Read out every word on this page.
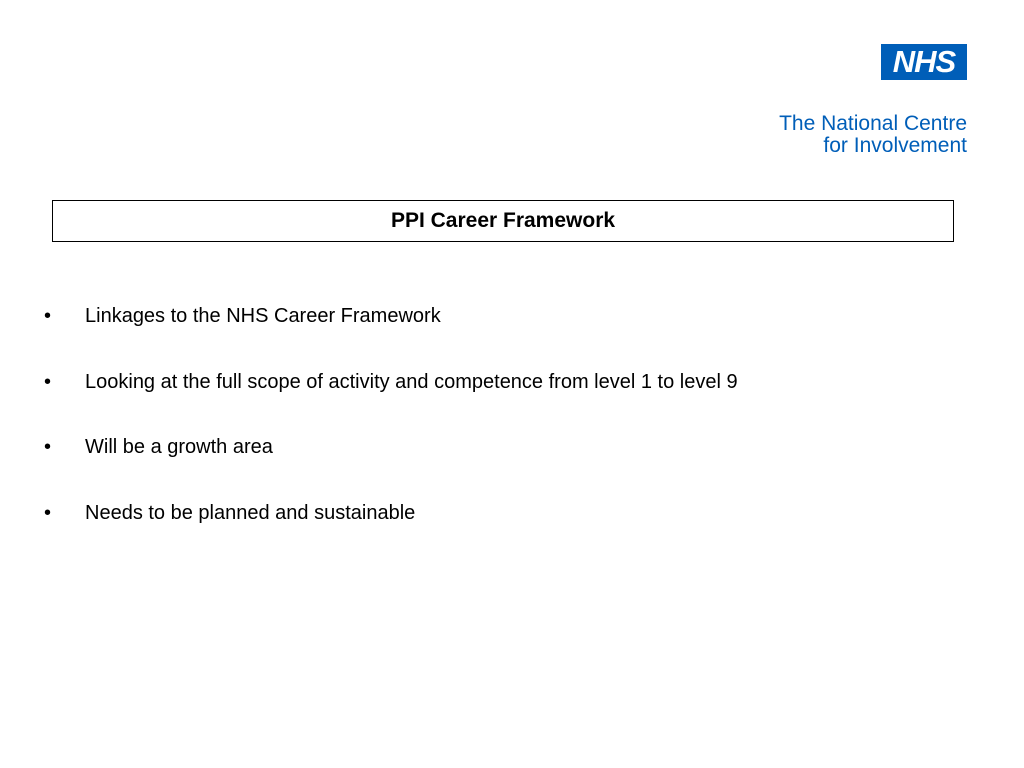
NHS
The National Centre
for Involvement
PPI Career Framework
• Linkages to the NHS Career Framework
• Looking at the full scope of activity and competence from level 1 to level 9
• Will be a growth area
• Needs to be planned and sustainable
